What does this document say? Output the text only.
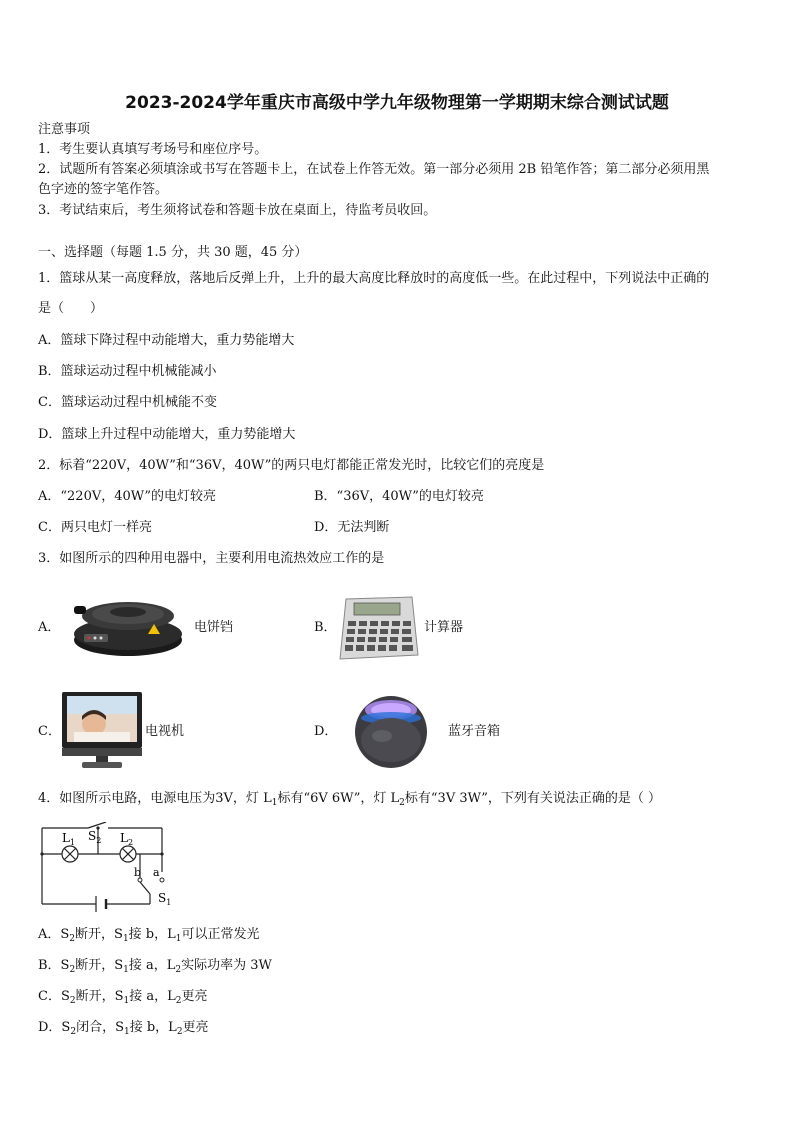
2023-2024学年重庆市高级中学九年级物理第一学期期末综合测试试题
注意事项
1．考生要认真填写考场号和座位序号。
2．试题所有答案必须填涂或书写在答题卡上，在试卷上作答无效。第一部分必须用 2B 铅笔作答；第二部分必须用黑
色字迹的签字笔作答。
3．考试结束后，考生须将试卷和答题卡放在桌面上，待监考员收回。
一、选择题（每题 1.5 分，共 30 题，45 分）
1．篮球从某一高度释放，落地后反弹上升，上升的最大高度比释放时的高度低一些。在此过程中，下列说法中正确的
是（　　）
A．篮球下降过程中动能增大，重力势能增大
B．篮球运动过程中机械能减小
C．篮球运动过程中机械能不变
D．篮球上升过程中动能增大，重力势能增大
2．标着“220V，40W”和“36V，40W”的两只电灯都能正常发光时，比较它们的亮度是
A．“220V，40W”的电灯较亮	B．“36V，40W”的电灯较亮
C．两只电灯一样亮	D．无法判断
3．如图所示的四种用电器中，主要利用电流热效应工作的是
A．	电饼铛	B．	计算器
C．	电视机	D．	蓝牙音箱
4．如图所示电路，电源电压为3V，灯 $L_1$标有“6V 6W”，灯 $L_2$标有“3V 3W”，下列有关说法正确的是（ ）
$L_1$ $S_2$ $L_2$
b a
$S_1$
A．$S_2$断开，$S_1$接 b，$L_1$可以正常发光
B．$S_2$断开，$S_1$接 a，$L_2$实际功率为 3W
C．$S_2$断开，$S_1$接 a，$L_2$更亮
D．$S_2$闭合，$S_1$接 b，$L_2$更亮
